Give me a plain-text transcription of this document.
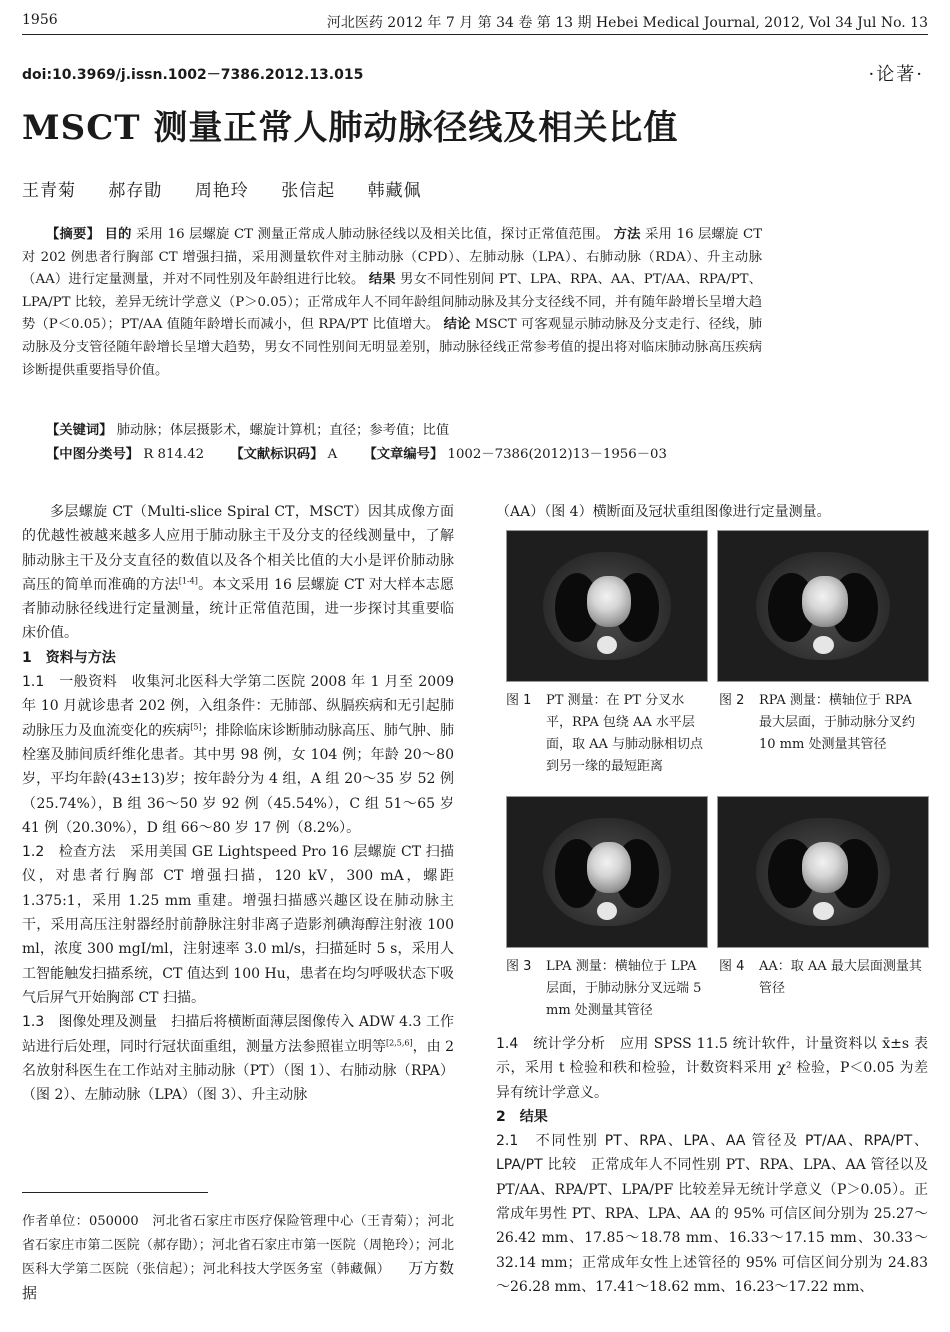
1956	河北医药 2012 年 7 月 第 34 卷 第 13 期 Hebei Medical Journal, 2012, Vol 34 Jul No. 13
doi:10.3969/j.issn.1002－7386.2012.13.015	·论著·
MSCT 测量正常人肺动脉径线及相关比值
王青菊 郝存勖 周艳玲 张信起 韩藏佩

【摘要】 目的 采用 16 层螺旋 CT 测量正常成人肺动脉径线以及相关比值，探讨正常值范围。 方法 采用 16 层螺旋 CT 对 202 例患者行胸部 CT 增强扫描，采用测量软件对主肺动脉（CPD）、左肺动脉（LPA）、右肺动脉（RDA）、升主动脉（AA）进行定量测量，并对不同性别及年龄组进行比较。 结果 男女不同性别间 PT、LPA、RPA、AA、PT/AA、RPA/PT、LPA/PT 比较，差异无统计学意义（P＞0.05）；正常成年人不同年龄组间肺动脉及其分支径线不同，并有随年龄增长呈增大趋势（P＜0.05）；PT/AA 值随年龄增长而减小，但 RPA/PT 比值增大。 结论 MSCT 可客观显示肺动脉及分支走行、径线，肺动脉及分支管径随年龄增长呈增大趋势，男女不同性别间无明显差别，肺动脉径线正常参考值的提出将对临床肺动脉高压疾病诊断提供重要指导价值。

【关键词】 肺动脉；体层摄影术，螺旋计算机；直径；参考值；比值
【中图分类号】 R 814.42 【文献标识码】 A 【文章编号】 1002－7386(2012)13－1956－03

多层螺旋 CT（Multi-slice Spiral CT，MSCT）因其成像方面的优越性被越来越多人应用于肺动脉主干及分支的径线测量中，了解肺动脉主干及分支直径的数值以及各个相关比值的大小是评价肺动脉高压的简单而准确的方法[1-4]。本文采用 16 层螺旋 CT 对大样本志愿者肺动脉径线进行定量测量，统计正常值范围，进一步探讨其重要临床价值。

1　资料与方法

1.1　一般资料　 收集河北医科大学第二医院 2008 年 1 月至 2009 年 10 月就诊患者 202 例，入组条件：无肺部、纵膈疾病和无引起肺动脉压力及血流变化的疾病[5]；排除临床诊断肺动脉高压、肺气肿、肺栓塞及肺间质纤维化患者。其中男 98 例，女 104 例；年龄 20～80 岁，平均年龄(43±13)岁；按年龄分为 4 组，A 组 20～35 岁 52 例（25.74%），B 组 36～50 岁 92 例（45.54%），C 组 51～65 岁 41 例（20.30%），D 组 66～80 岁 17 例（8.2%）。

1.2　检查方法　 采用美国 GE Lightspeed Pro 16 层螺旋 CT 扫描仪，对患者行胸部 CT 增强扫描，120 kV，300 mA，螺距 1.375:1，采用 1.25 mm 重建。增强扫描感兴趣区设在肺动脉主干，采用高压注射器经肘前静脉注射非离子造影剂碘海醇注射液 100 ml，浓度 300 mgI/ml，注射速率 3.0 ml/s，扫描延时 5 s，采用人工智能触发扫描系统，CT 值达到 100 Hu，患者在均匀呼吸状态下吸气后屏气开始胸部 CT 扫描。

1.3　图像处理及测量　 扫描后将横断面薄层图像传入 ADW 4.3 工作站进行后处理，同时行冠状面重组，测量方法参照崔立明等[2,5,6]，由 2 名放射科医生在工作站对主肺动脉（PT）（图 1）、右肺动脉（RPA）（图 2）、左肺动脉（LPA）（图 3）、升主动脉

作者单位：050000　河北省石家庄市医疗保险管理中心（王青菊）；河北省石家庄市第二医院（郝存勖）；河北省石家庄市第一医院（周艳玲）；河北医科大学第二医院（张信起）；河北科技大学医务室（韩藏佩） 万方数据

（AA）（图 4）横断面及冠状重组图像进行定量测量。

图 1 PT 测量：在 PT 分叉水平，RPA 包绕 AA 水平层面，取 AA 与肺动脉相切点到另一缘的最短距离
图 2 RPA 测量：横轴位于 RPA 最大层面，于肺动脉分叉约 10 mm 处测量其管径
图 3 LPA 测量：横轴位于 LPA 层面，于肺动脉分叉远端 5 mm 处测量其管径
图 4 AA：取 AA 最大层面测量其管径

1.4　统计学分析　 应用 SPSS 11.5 统计软件，计量资料以 x̄±s 表示，采用 t 检验和秩和检验，计数资料采用 χ² 检验，P＜0.05 为差异有统计学意义。

2　结果

2.1　不同性别 PT、RPA、LPA、AA 管径及 PT/AA、RPA/PT、LPA/PT 比较　 正常成年人不同性别 PT、RPA、LPA、AA 管径以及 PT/AA、RPA/PT、LPA/PF 比较差异无统计学意义（P＞0.05）。正常成年男性 PT、RPA、LPA、AA 的 95% 可信区间分别为 25.27～26.42 mm、17.85～18.78 mm、16.33～17.15 mm、30.33～32.14 mm；正常成年女性上述管径的 95% 可信区间分别为 24.83～26.28 mm、17.41～18.62 mm、16.23～17.22 mm、
